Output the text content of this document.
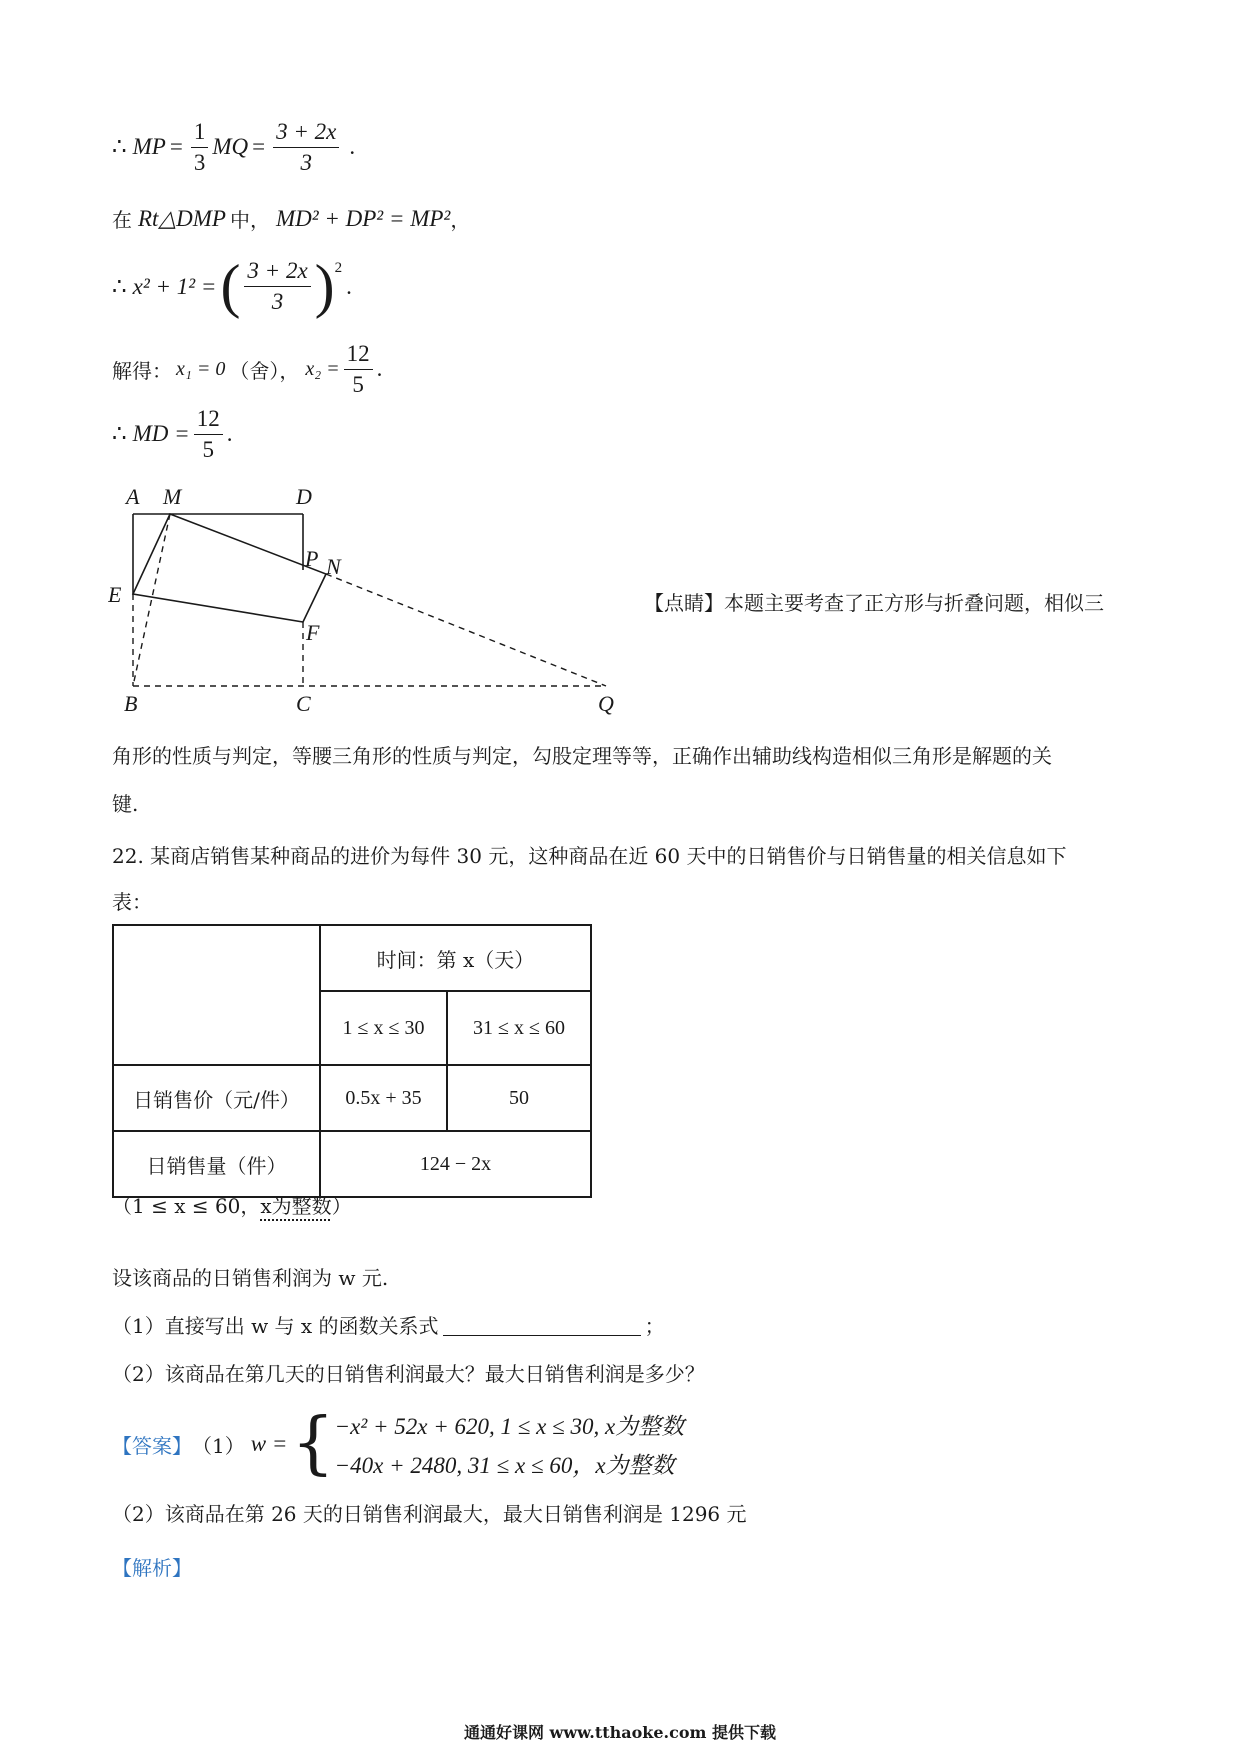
∴ MP = $\frac{1}{3}$ MQ = $\frac{3 + 2x}{3}$ .
在 Rt△DMP 中， MD² + DP² = MP² ，
∴ x² + 1² = ( $\frac{3 + 2x}{3}$ ) 2
.
解得： x₁ = 0 （舍）， $x_2 = \frac{12}{5}$ .
∴ MD = $\frac{12}{5}$ .
A M	D
P N
E
F
B	C	Q
【点睛】本题主要考查了正方形与折叠问题，相似三
角形的性质与判定，等腰三角形的性质与判定，勾股定理等等，正确作出辅助线构造相似三角形是解题的关
键.
22. 某商店销售某种商品的进价为每件 30 元，这种商品在近 60 天中的日销售价与日销售量的相关信息如下
表：
	时间：第 x（天）	
	1 ≤ x ≤ 30	31 ≤ x ≤ 60
日销售价（元/件）	0.5x + 35	50
日销售量（件）	124 − 2x	
（1 ≤ x ≤ 60，x为整数）
设该商品的日销售利润为 w 元.
（1）直接写出 w 与 x 的函数关系式	；
（2）该商品在第几天的日销售利润最大？最大日销售利润是多少？
【答案】 （1） w = { −x² + 52x + 620, 1 ≤ x ≤ 30, x为整数
−40x + 2480, 31 ≤ x ≤ 60，x为整数
（2）该商品在第 26 天的日销售利润最大，最大日销售利润是 1296 元
【解析】
通通好课网 www.tthaoke.com 提供下载
